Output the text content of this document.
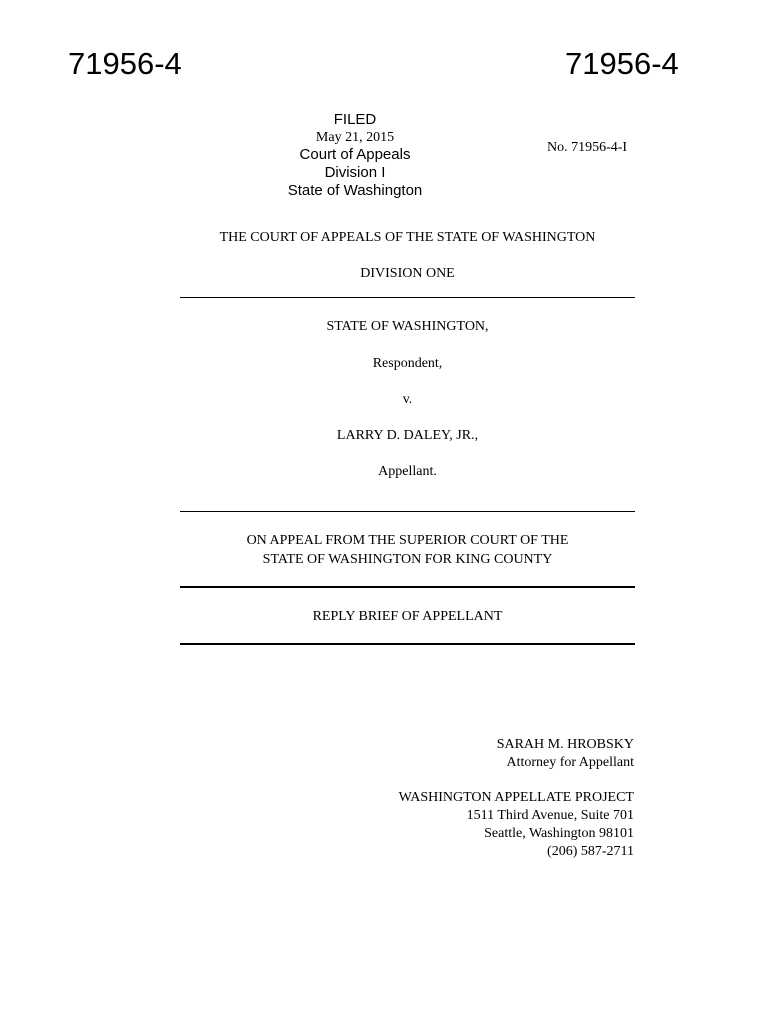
71956-4	71956-4
FILED
May 21, 2015
Court of Appeals
Division I
State of Washington
No. 71956-4-I
THE COURT OF APPEALS OF THE STATE OF WASHINGTON
DIVISION ONE
STATE OF WASHINGTON,
Respondent,
v.
LARRY D. DALEY, JR.,
Appellant.
ON APPEAL FROM THE SUPERIOR COURT OF THE
STATE OF WASHINGTON FOR KING COUNTY
REPLY BRIEF OF APPELLANT
SARAH M. HROBSKY
Attorney for Appellant
WASHINGTON APPELLATE PROJECT
1511 Third Avenue, Suite 701
Seattle, Washington 98101
(206) 587-2711
